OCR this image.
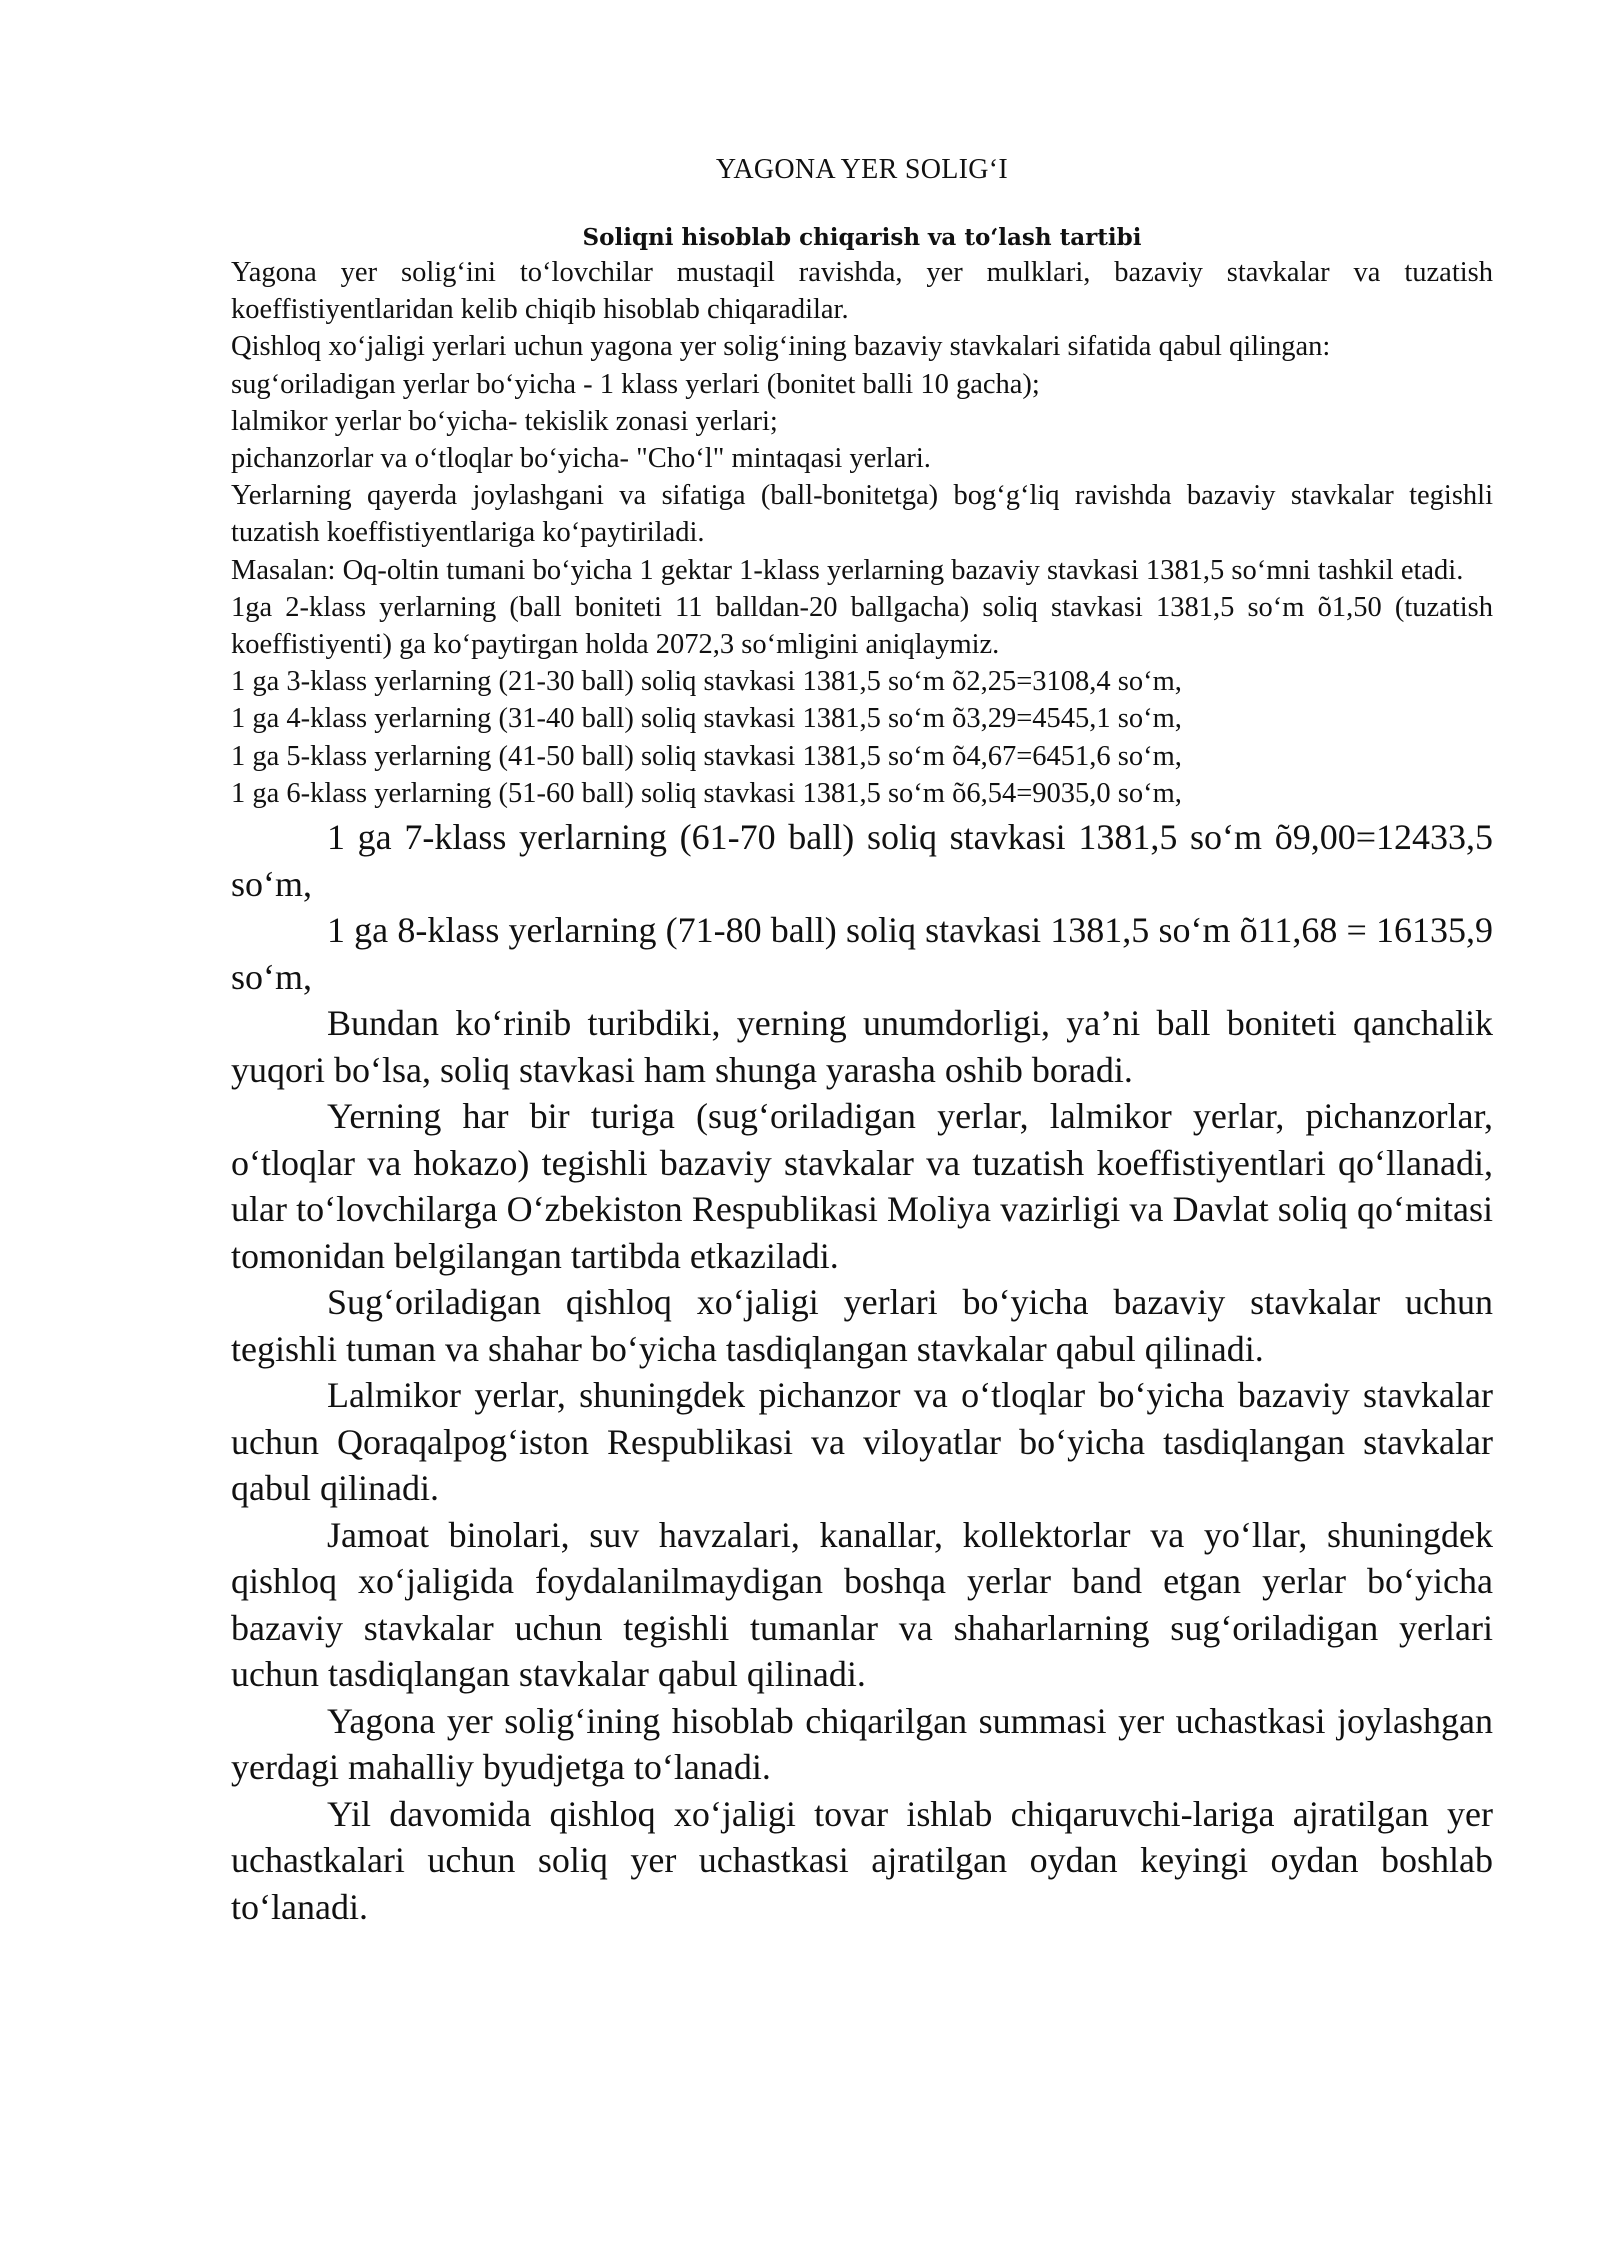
YAGONA YER SOLIG‘I

Soliqni hisoblab chiqarish va to‘lash tartibi

Yagona yer solig‘ini to‘lovchilar mustaqil ravishda, yer mulklari, bazaviy stavkalar va tuzatish koeffistiyentlaridan kelib chiqib hisoblab chiqaradilar.

Qishloq xo‘jaligi yerlari uchun yagona yer solig‘ining bazaviy stavkalari sifatida qabul qilingan:

sug‘oriladigan yerlar bo‘yicha - 1 klass yerlari (bonitet balli 10 gacha);

lalmikor yerlar bo‘yicha- tekislik zonasi yerlari;

pichanzorlar va o‘tloqlar bo‘yicha- "Cho‘l" mintaqasi yerlari.

Yerlarning qayerda joylashgani va sifatiga (ball-bonitetga) bog‘g‘liq ravishda bazaviy stavkalar tegishli tuzatish koeffistiyentlariga ko‘paytiriladi.

Masalan: Oq-oltin tumani bo‘yicha 1 gektar 1-klass yerlarning bazaviy stavkasi 1381,5 so‘mni tashkil etadi.

1ga 2-klass yerlarning (ball boniteti 11 balldan-20 ballgacha) soliq stavkasi 1381,5 so‘m õ1,50 (tuzatish koeffistiyenti) ga ko‘paytirgan holda 2072,3 so‘mligini aniqlaymiz.

1 ga 3-klass yerlarning (21-30 ball) soliq stavkasi 1381,5 so‘m õ2,25=3108,4 so‘m,

1 ga 4-klass yerlarning (31-40 ball) soliq stavkasi 1381,5 so‘m õ3,29=4545,1 so‘m,

1 ga 5-klass yerlarning (41-50 ball) soliq stavkasi 1381,5 so‘m õ4,67=6451,6 so‘m,

1 ga 6-klass yerlarning (51-60 ball) soliq stavkasi 1381,5 so‘m õ6,54=9035,0 so‘m,

1 ga 7-klass yerlarning (61-70 ball) soliq stavkasi 1381,5 so‘m õ9,00=12433,5 so‘m,

1 ga 8-klass yerlarning (71-80 ball) soliq stavkasi 1381,5 so‘m õ11,68 = 16135,9 so‘m,

Bundan ko‘rinib turibdiki, yerning unumdorligi, ya’ni ball boniteti qanchalik yuqori bo‘lsa, soliq stavkasi ham shunga yarasha oshib boradi.

Yerning har bir turiga (sug‘oriladigan yerlar, lalmikor yerlar, pichanzorlar, o‘tloqlar va hokazo) tegishli bazaviy stavkalar va tuzatish koeffistiyentlari qo‘llanadi, ular to‘lovchilarga O‘zbekiston Respublikasi Moliya vazirligi va Davlat soliq qo‘mitasi tomonidan belgilangan tartibda etkaziladi.

Sug‘oriladigan qishloq xo‘jaligi yerlari bo‘yicha bazaviy stavkalar uchun tegishli tuman va shahar bo‘yicha tasdiqlangan stavkalar qabul qilinadi.

Lalmikor yerlar, shuningdek pichanzor va o‘tloqlar bo‘yicha bazaviy stavkalar uchun Qoraqalpog‘iston Respublikasi va viloyatlar bo‘yicha tasdiqlangan stavkalar qabul qilinadi.

Jamoat binolari, suv havzalari, kanallar, kollektorlar va yo‘llar, shuningdek qishloq xo‘jaligida foydalanilmaydigan boshqa yerlar band etgan yerlar bo‘yicha bazaviy stavkalar uchun tegishli tumanlar va shaharlarning sug‘oriladigan yerlari uchun tasdiqlangan stavkalar qabul qilinadi.

Yagona yer solig‘ining hisoblab chiqarilgan summasi yer uchastkasi joylashgan yerdagi mahalliy byudjetga to‘lanadi.

Yil davomida qishloq xo‘jaligi tovar ishlab chiqaruvchi-lariga ajratilgan yer uchastkalari uchun soliq yer uchastkasi ajratilgan oydan keyingi oydan boshlab to‘lanadi.
